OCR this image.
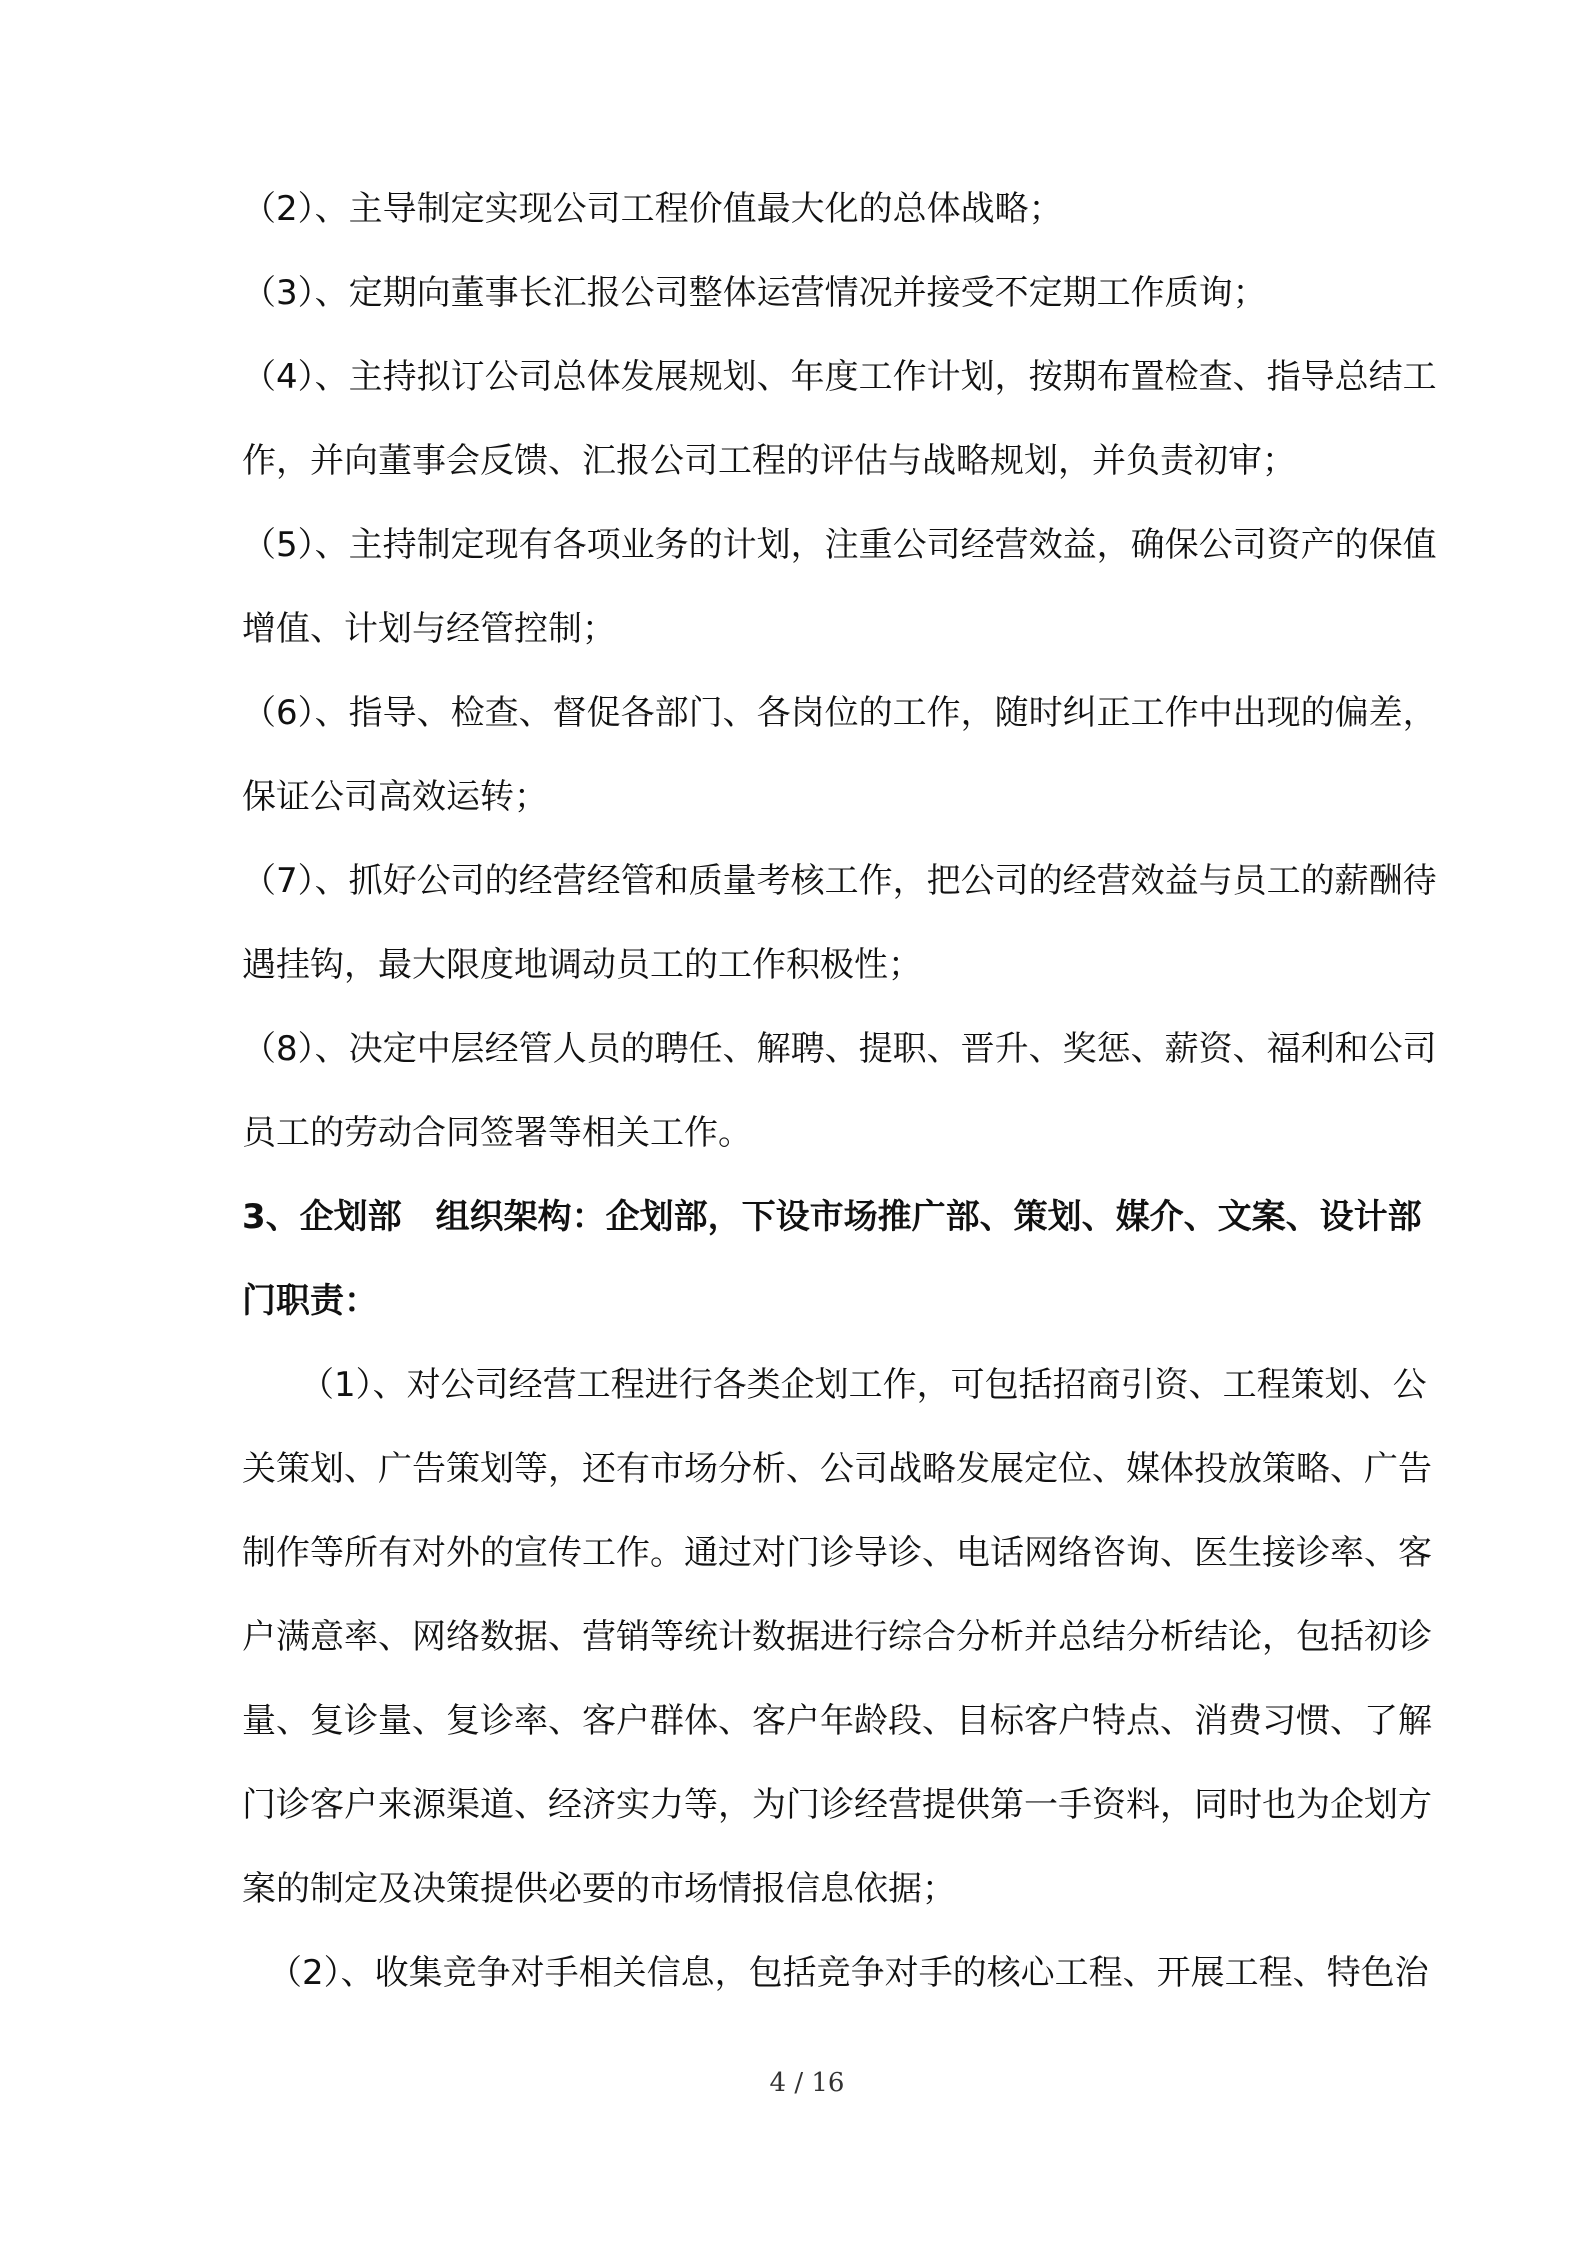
（2）、主导制定实现公司工程价值最大化的总体战略；
（3）、定期向董事长汇报公司整体运营情况并接受不定期工作质询；
（4）、主持拟订公司总体发展规划、年度工作计划，按期布置检查、指导总结工
作，并向董事会反馈、汇报公司工程的评估与战略规划，并负责初审；
（5）、主持制定现有各项业务的计划，注重公司经营效益，确保公司资产的保值
增值、计划与经管控制；
（6）、指导、检查、督促各部门、各岗位的工作，随时纠正工作中出现的偏差，
保证公司高效运转；
（7）、抓好公司的经营经管和质量考核工作，把公司的经营效益与员工的薪酬待
遇挂钩，最大限度地调动员工的工作积极性；
（8）、决定中层经管人员的聘任、解聘、提职、晋升、奖惩、薪资、福利和公司
员工的劳动合同签署等相关工作。
3、企划部　组织架构：企划部，下设市场推广部、策划、媒介、文案、设计部
门职责：
（1）、对公司经营工程进行各类企划工作，可包括招商引资、工程策划、公
关策划、广告策划等，还有市场分析、公司战略发展定位、媒体投放策略、广告
制作等所有对外的宣传工作。通过对门诊导诊、电话网络咨询、医生接诊率、客
户满意率、网络数据、营销等统计数据进行综合分析并总结分析结论，包括初诊
量、复诊量、复诊率、客户群体、客户年龄段、目标客户特点、消费习惯、了解
门诊客户来源渠道、经济实力等，为门诊经营提供第一手资料，同时也为企划方
案的制定及决策提供必要的市场情报信息依据；
（2）、收集竞争对手相关信息，包括竞争对手的核心工程、开展工程、特色治
4 / 16
